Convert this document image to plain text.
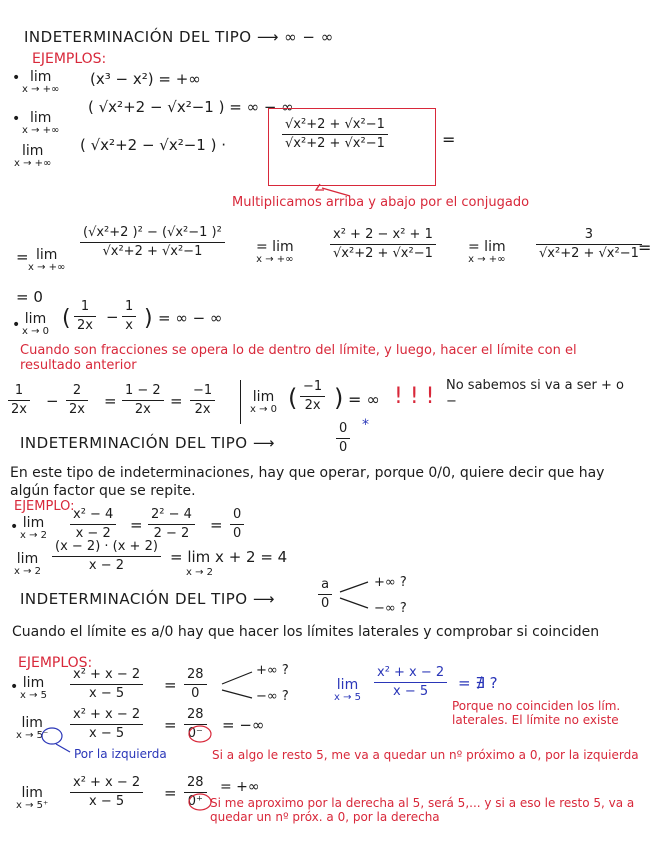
INDETERMINACIÓN DEL TIPO ⟶ ∞ − ∞
EJEMPLOS:
• lim
x → +∞
(x³ − x²) = +∞
• lim
x → +∞
( √x²+2 − √x²−1 ) = ∞ − ∞
lim
x → +∞
( √x²+2 − √x²−1 ) ·
√x²+2 + √x²−1
√x²+2 + √x²−1	=
Multiplicamos arriba y abajo por el conjugado
= lim
x → +∞
(√x²+2 )² − (√x²−1 )²
√x²+2 + √x²−1	= lim
x → +∞
x² + 2 − x² + 1
√x²+2 + √x²−1	= lim
x → +∞
3
√x²+2 + √x²−1 =
= 0
• lim
x → 0
( 1
2x −
1
x ) = ∞ − ∞
Cuando son fracciones se opera lo de dentro del límite, y luego, hacer el límite con el resultado anterior
1
2x −
2
2x =
1 − 2
2x =
−1
2x
lim
x → 0 ( −1
2x ) = ∞ ! ! ! No sabemos si va a ser + o −
INDETERMINACIÓN DEL TIPO ⟶
0
0
*
En este tipo de indeterminaciones, hay que operar, porque 0/0, quiere decir que hay algún factor que se repite.
EJEMPLO:
• lim
x → 2
x² − 4
x − 2 =
2² − 4
2 − 2 =
0
0
lim
x → 2
(x − 2) · (x + 2)
x − 2	= lim x + 2 = 4
x → 2
INDETERMINACIÓN DEL TIPO ⟶
a
0
+∞ ?
−∞ ?
Cuando el límite es a/0 hay que hacer los límites laterales y comprobar si coinciden
EJEMPLOS:
• lim
x → 5
x² + x − 2
x − 5	=
28
0
+∞ ?
−∞ ?
lim
x → 5
x² + x − 2
x − 5 = ∄ ?
Porque no coinciden los lím. laterales. El límite no existe
lim
x → 5⁻
x² + x − 2
x − 5	=
28
0⁻ = −∞
Por la izquierda	Si a algo le resto 5, me va a quedar un nº próximo a 0, por la izquierda
lim
x → 5⁺
x² + x − 2
x − 5	=
28
0⁺
= +∞
Si me aproximo por la derecha al 5, será 5,... y si a eso le resto 5, va a quedar un nº próx. a 0, por la derecha
